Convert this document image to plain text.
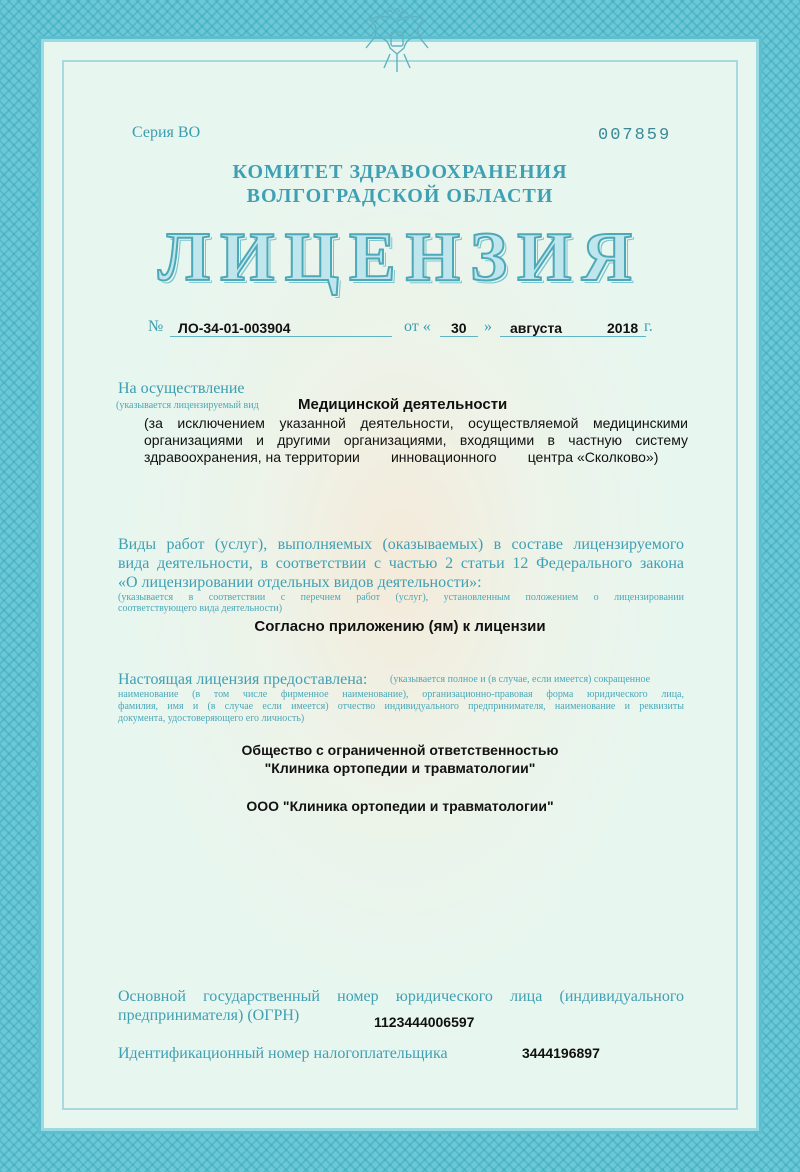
Серия ВО	007859
КОМИТЕТ ЗДРАВООХРАНЕНИЯ
ВОЛГОГРАДСКОЙ ОБЛАСТИ
ЛИЦЕНЗИЯ
№ ЛО-34-01-003904	от « 30 » августа	2018 г.
На осуществление
(указывается лицензируемый вид	Медицинской деятельности
(за исключением указанной деятельности, осуществляемой медицинскими
организациями и другими организациями, входящими в частную систему
здравоохранения, на территории        инновационного        центра «Сколково»)
Виды работ (услуг), выполняемых (оказываемых) в составе лицензируемого
вида деятельности, в соответствии с частью 2 статьи 12 Федерального закона
«О лицензировании отдельных видов деятельности»:
(указывается в соответствии с перечнем работ (услуг), установленным положением о лицензировании
соответствующего вида деятельности)
Согласно приложению (ям) к лицензии
Настоящая лицензия предоставлена: (указывается полное и (в случае, если имеется) сокращенное
наименование (в том числе фирменное наименование), организационно-правовая форма юридического лица,
фамилия, имя и (в случае если имеется) отчество индивидуального предпринимателя, наименование и реквизиты
документа, удостоверяющего его личность)
Общество с ограниченной ответственностью
"Клиника ортопедии и травматологии"
ООО "Клиника ортопедии и травматологии"
Основной государственный номер юридического лица (индивидуального
предпринимателя) (ОГРН)	1123444006597
Идентификационный номер налогоплательщика	3444196897
